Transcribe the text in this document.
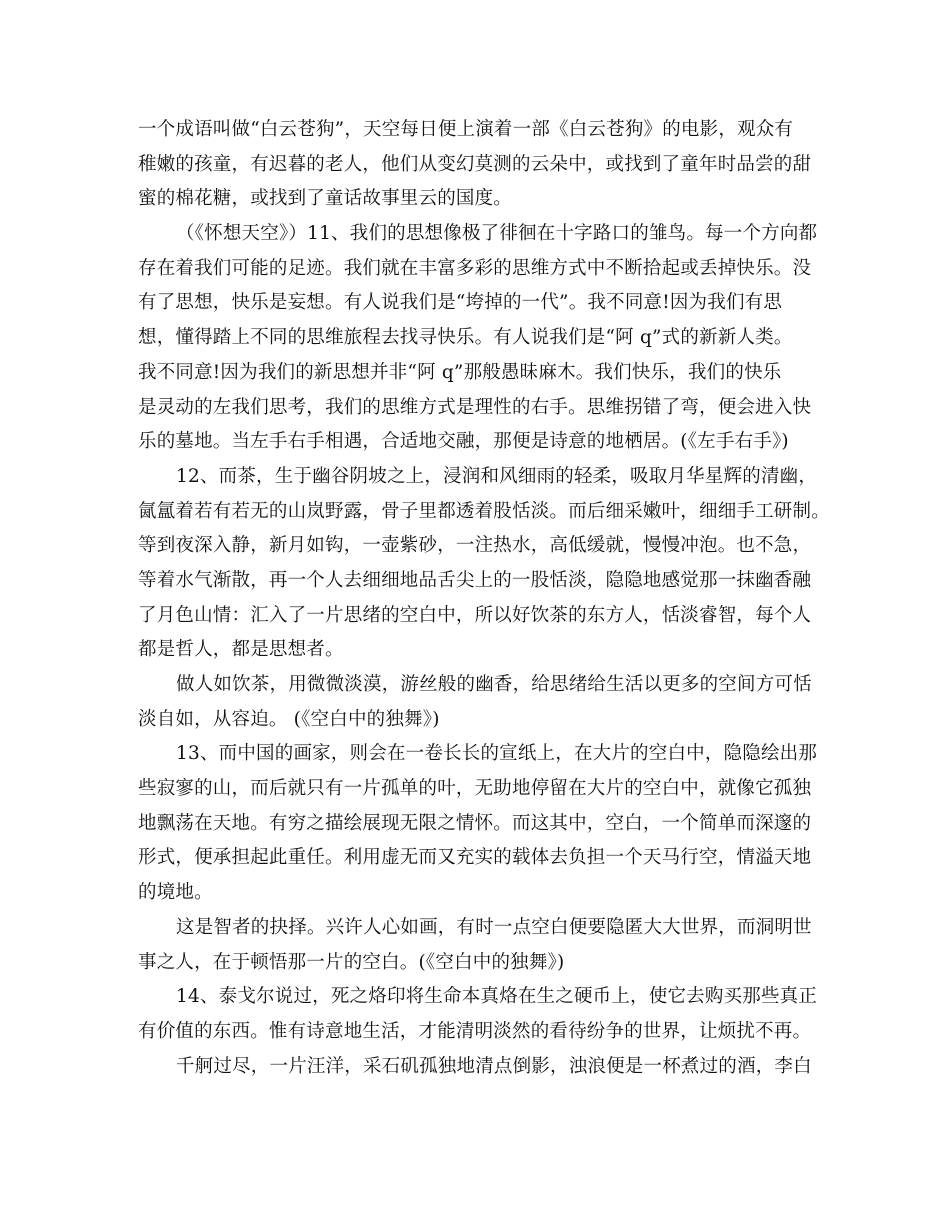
一个成语叫做“白云苍狗”，天空每日便上演着一部《白云苍狗》的电影，观众有
稚嫩的孩童，有迟暮的老人，他们从变幻莫测的云朵中，或找到了童年时品尝的甜
蜜的棉花糖，或找到了童话故事里云的国度。
（《怀想天空》）11、我们的思想像极了徘徊在十字路口的雏鸟。每一个方向都
存在着我们可能的足迹。我们就在丰富多彩的思维方式中不断拾起或丢掉快乐。没
有了思想，快乐是妄想。有人说我们是“垮掉的一代”。我不同意!因为我们有思
想，懂得踏上不同的思维旅程去找寻快乐。有人说我们是“阿 q”式的新新人类。
我不同意!因为我们的新思想并非“阿 q”那般愚昧麻木。我们快乐，我们的快乐
是灵动的左我们思考，我们的思维方式是理性的右手。思维拐错了弯，便会进入快
乐的墓地。当左手右手相遇，合适地交融，那便是诗意的地栖居。(《左手右手》)
12、而茶，生于幽谷阴坡之上，浸润和风细雨的轻柔，吸取月华星辉的清幽，
氤氲着若有若无的山岚野露，骨子里都透着股恬淡。而后细采嫩叶，细细手工研制。
等到夜深入静，新月如钩，一壶紫砂，一注热水，高低缓就，慢慢冲泡。也不急，
等着水气渐散，再一个人去细细地品舌尖上的一股恬淡，隐隐地感觉那一抹幽香融
了月色山情：汇入了一片思绪的空白中，所以好饮茶的东方人，恬淡睿智，每个人
都是哲人，都是思想者。
做人如饮茶，用微微淡漠，游丝般的幽香，给思绪给生活以更多的空间方可恬
淡自如，从容迫。 (《空白中的独舞》)
13、而中国的画家，则会在一卷长长的宣纸上，在大片的空白中，隐隐绘出那
些寂寥的山，而后就只有一片孤单的叶，无助地停留在大片的空白中，就像它孤独
地飘荡在天地。有穷之描绘展现无限之情怀。而这其中，空白，一个简单而深邃的
形式，便承担起此重任。利用虚无而又充实的载体去负担一个天马行空，情溢天地
的境地。
这是智者的抉择。兴许人心如画，有时一点空白便要隐匿大大世界，而洞明世
事之人，在于顿悟那一片的空白。(《空白中的独舞》)
14、泰戈尔说过，死之烙印将生命本真烙在生之硬币上，使它去购买那些真正
有价值的东西。惟有诗意地生活，才能清明淡然的看待纷争的世界，让烦扰不再。
千舸过尽，一片汪洋，采石矶孤独地清点倒影，浊浪便是一杯煮过的酒，李白
